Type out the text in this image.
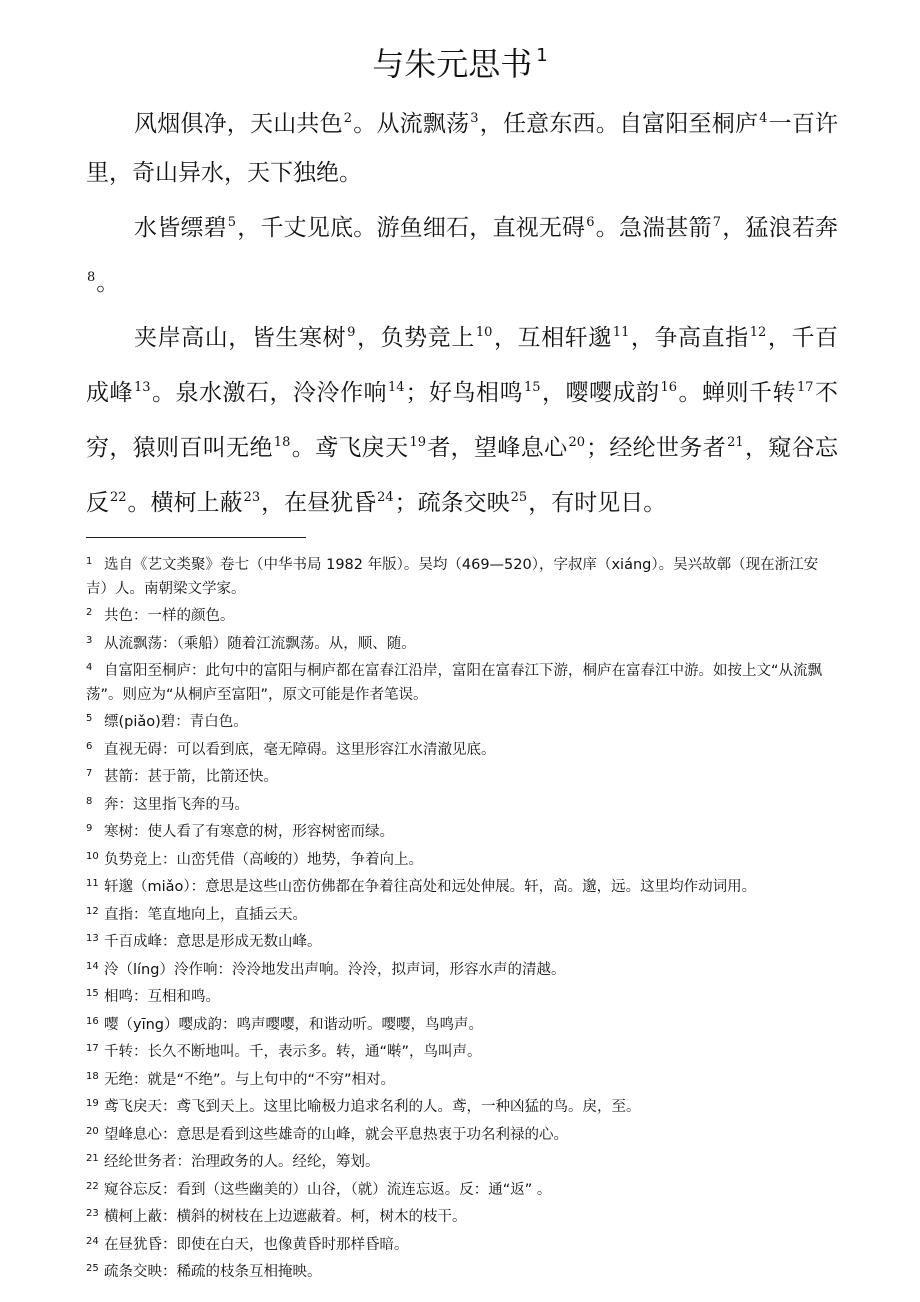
与朱元思书 $^1$

风烟俱净，天山共色$^2$。从流飘荡$^3$，任意东西。自富阳至桐庐$^4$一百许里，奇山异水，天下独绝。

水皆缥碧$^5$，千丈见底。游鱼细石，直视无碍$^6$。急湍甚箭$^7$，猛浪若奔$^8$。

夹岸高山，皆生寒树$^9$，负势竞上$^{10}$，互相轩邈$^{11}$，争高直指$^{12}$，千百成峰$^{13}$。泉水激石，泠泠作响$^{14}$；好鸟相鸣$^{15}$，嘤嘤成韵$^{16}$。蝉则千转$^{17}$不穷，猿则百叫无绝$^{18}$。鸢飞戾天$^{19}$者，望峰息心$^{20}$；经纶世务者$^{21}$，窥谷忘反$^{22}$。横柯上蔽$^{23}$，在昼犹昏$^{24}$；疏条交映$^{25}$，有时见日。

1 选自《艺文类聚》卷七（中华书局 1982 年版）。吴均（469—520），字叔庠（xiáng）。吴兴故鄣（现在浙江安吉）人。南朝梁文学家。

2 共色：一样的颜色。

3 从流飘荡：（乘船）随着江流飘荡。从，顺、随。

4 自富阳至桐庐：此句中的富阳与桐庐都在富春江沿岸，富阳在富春江下游，桐庐在富春江中游。如按上文“从流飘荡”。则应为“从桐庐至富阳”，原文可能是作者笔误。

5 缥(piǎo)碧：青白色。

6 直视无碍：可以看到底，毫无障碍。这里形容江水清澈见底。

7 甚箭：甚于箭，比箭还快。

8 奔：这里指飞奔的马。

9 寒树：使人看了有寒意的树，形容树密而绿。

10 负势竞上：山峦凭借（高峻的）地势，争着向上。

11 轩邈（miǎo）：意思是这些山峦仿佛都在争着往高处和远处伸展。轩，高。邈，远。这里均作动词用。

12 直指：笔直地向上，直插云天。

13 千百成峰：意思是形成无数山峰。

14 泠（líng）泠作响：泠泠地发出声响。泠泠，拟声词，形容水声的清越。

15 相鸣：互相和鸣。

16 嘤（yīng）嘤成韵：鸣声嘤嘤，和谐动听。嘤嘤，鸟鸣声。

17 千转：长久不断地叫。千，表示多。转，通“啭”，鸟叫声。

18 无绝：就是“不绝”。与上句中的“不穷”相对。

19 鸢飞戾天：鸢飞到天上。这里比喻极力追求名利的人。鸢，一种凶猛的鸟。戾，至。

20 望峰息心：意思是看到这些雄奇的山峰，就会平息热衷于功名利禄的心。

21 经纶世务者：治理政务的人。经纶，筹划。

22 窥谷忘反：看到（这些幽美的）山谷，（就）流连忘返。反：通“返” 。

23 横柯上蔽：横斜的树枝在上边遮蔽着。柯，树木的枝干。

24 在昼犹昏：即使在白天，也像黄昏时那样昏暗。

25 疏条交映：稀疏的枝条互相掩映。
